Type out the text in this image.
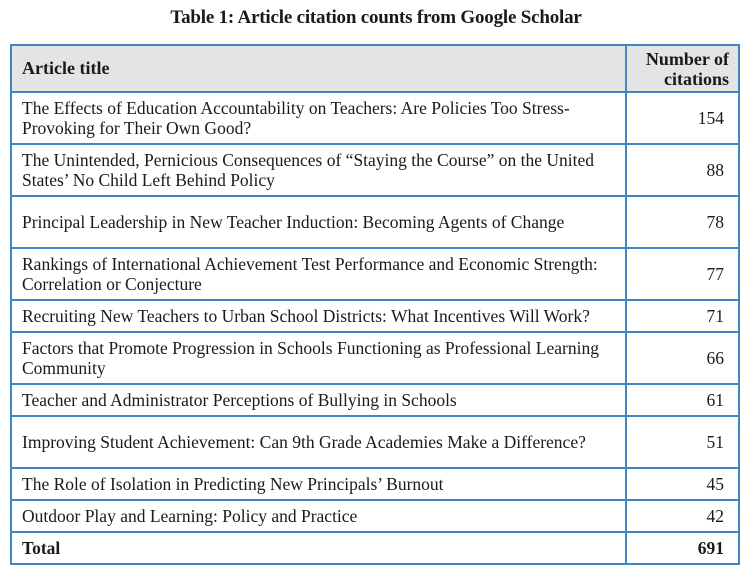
Table 1: Article citation counts from Google Scholar
Article title	Number of
citations
The Effects of Education Accountability on Teachers: Are Policies Too Stress-Provoking for Their Own Good?	154
The Unintended, Pernicious Consequences of “Staying the Course” on the United States’ No Child Left Behind Policy	88
Principal Leadership in New Teacher Induction: Becoming Agents of Change	78
Rankings of International Achievement Test Performance and Economic Strength: Correlation or Conjecture	77
Recruiting New Teachers to Urban School Districts: What Incentives Will Work?	71
Factors that Promote Progression in Schools Functioning as Professional Learning Community	66
Teacher and Administrator Perceptions of Bullying in Schools	61
Improving Student Achievement: Can 9th Grade Academies Make a Difference?	51
The Role of Isolation in Predicting New Principals’ Burnout	45
Outdoor Play and Learning: Policy and Practice	42
Total	691
